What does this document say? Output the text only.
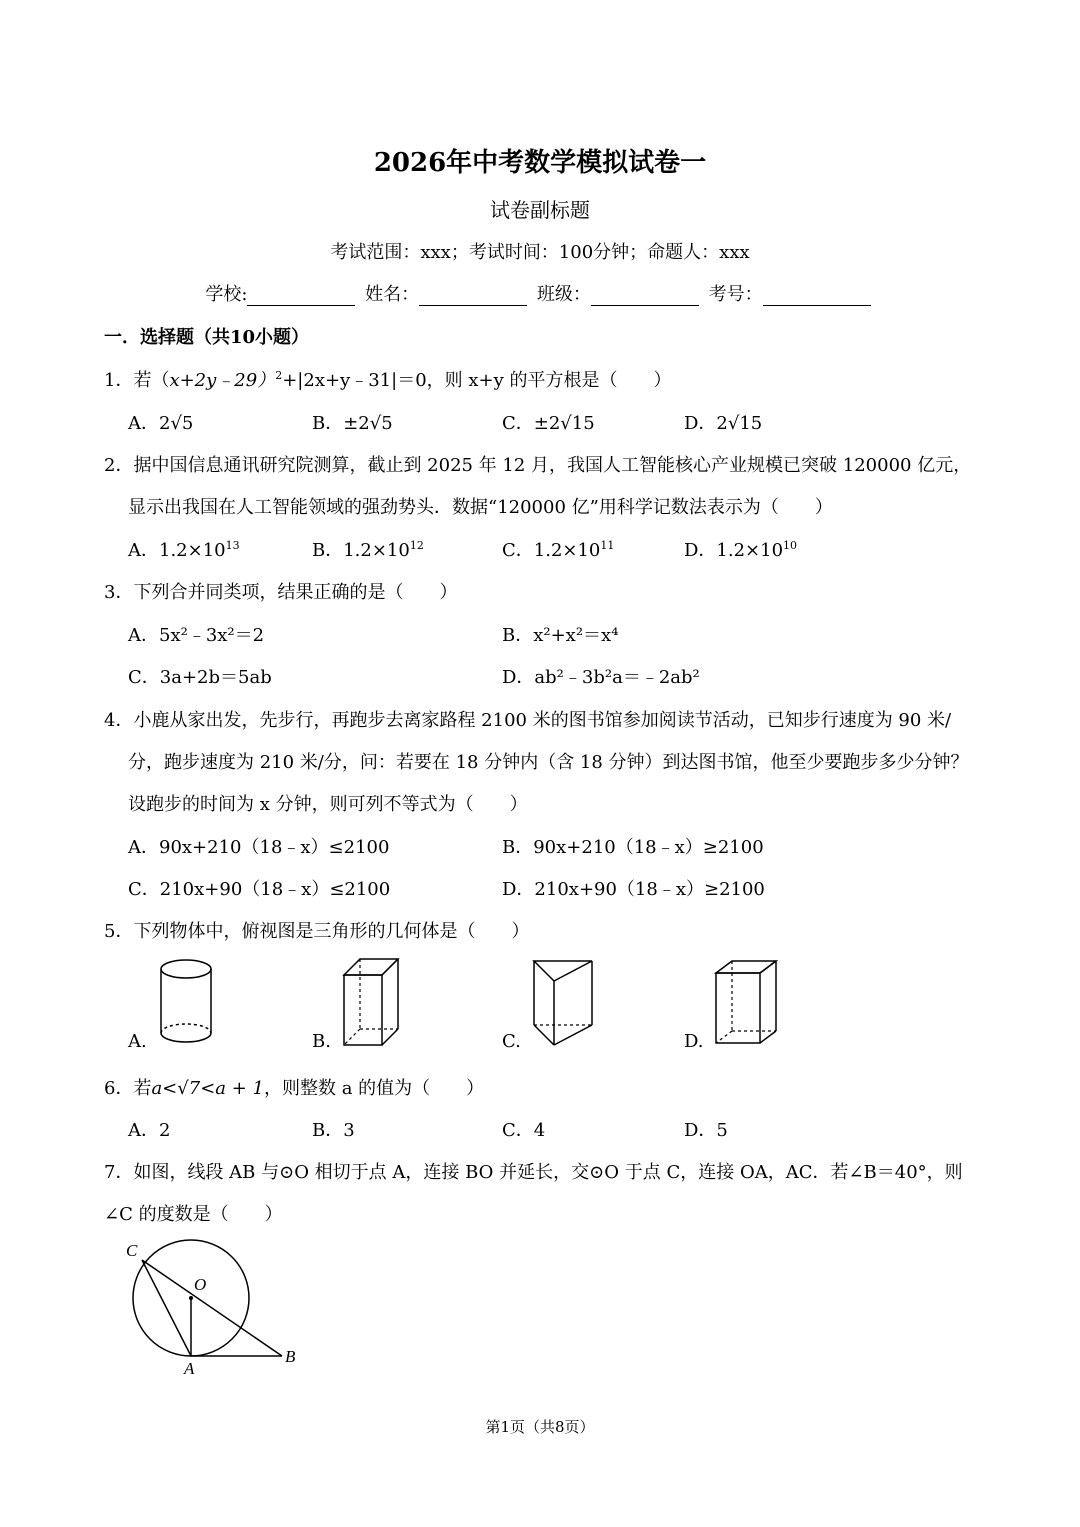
2026年中考数学模拟试卷一
试卷副标题
考试范围：xxx；考试时间：100分钟；命题人：xxx
学校:	姓名：	班级：	考号：
一．选择题（共10小题）
1．若（x+2y﹣29）$^2$+|2x+y﹣31|＝0，则 x+y 的平方根是（　　）
A．2√5	B．±2√5	C．±2√15	D．2√15
2．据中国信息通讯研究院测算，截止到 2025 年 12 月，我国人工智能核心产业规模已突破 120000 亿元，
显示出我国在人工智能领域的强劲势头．数据“120000 亿”用科学记数法表示为（　　）
A．$1.2\times 10^{13}$	B．$1.2\times 10^{12}$	C．$1.2\times 10^{11}$	D．$1.2\times 10^{10}$
3．下列合并同类项，结果正确的是（　　）
A．5x²﹣3x²＝2	B．x²+x²＝x⁴
C．3a+2b＝5ab	D．ab²﹣3b²a＝﹣2ab²
4．小鹿从家出发，先步行，再跑步去离家路程 2100 米的图书馆参加阅读节活动，已知步行速度为 90 米/
分，跑步速度为 210 米/分，问：若要在 18 分钟内（含 18 分钟）到达图书馆，他至少要跑步多少分钟？
设跑步的时间为 x 分钟，则可列不等式为（　　）
A．90x+210（18﹣x）≤2100	B．90x+210（18﹣x）≥2100
C．210x+90（18﹣x）≤2100	D．210x+90（18﹣x）≥2100
5．下列物体中，俯视图是三角形的几何体是（　　）
A.	B.	C.	D.
6．若a<√7<a + 1，则整数 a 的值为（　　）
A．2	B．3	C．4	D．5
7．如图，线段 AB 与⊙O 相切于点 A，连接 BO 并延长，交⊙O 于点 C，连接 OA，AC．若∠B＝40°，则
∠C 的度数是（　　）
C
O
A
B
第1页（共8页）
